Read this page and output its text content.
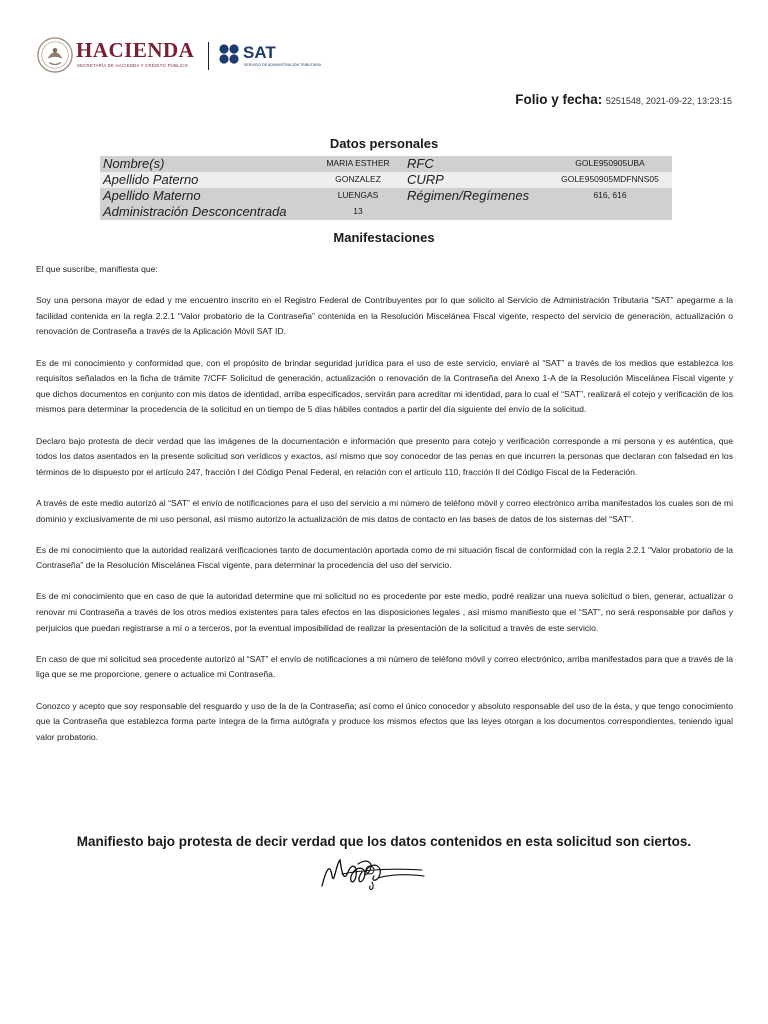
HACIENDA
SECRETARÍA DE HACIENDA Y CRÉDITO PÚBLICO
SAT
SERVICIO DE ADMINISTRACIÓN TRIBUTARIA
Folio y fecha: 5251548, 2021-09-22, 13:23:15
Datos personales
Nombre(s)	MARIA ESTHER	RFC	GOLE950905UBA
Apellido Paterno	GONZALEZ	CURP	GOLE950905MDFNNS05
Apellido Materno	LUENGAS	Régimen/Regímenes	616, 616
Administración Desconcentrada	13
Manifestaciones

El que suscribe, manifiesta que:

Soy una persona mayor de edad y me encuentro inscrito en el Registro Federal de Contribuyentes por lo que solicito al Servicio de Administración Tributaria “SAT” apegarme a la facilidad contenida en la regla 2.2.1 “Valor probatorio de la Contraseña” contenida en la Resolución Miscelánea Fiscal vigente, respecto del servicio de generación, actualización o renovación de Contraseña a través de la Aplicación Móvil SAT ID.

Es de mi conocimiento y conformidad que, con el propósito de brindar seguridad jurídica para el uso de este servicio, enviaré al “SAT” a través de los medios que establezca los requisitos señalados en la ficha de trámite 7/CFF Solicitud de generación, actualización o renovación de la Contraseña del Anexo 1-A de la Resolución Miscelánea Fiscal vigente y que dichos documentos en conjunto con mis datos de identidad, arriba especificados, servirán para acreditar mi identidad, para lo cual el “SAT”, realizará el cotejo y verificación de los mismos para determinar la procedencia de la solicitud en un tiempo de 5 días hábiles contados a partir del día siguiente del envío de la solicitud.

Declaro bajo protesta de decir verdad que las imágenes de la documentación e información que presento para cotejo y verificación corresponde a mi persona y es auténtica, que todos los datos asentados en la presente solicitud son verídicos y exactos, así mismo que soy conocedor de las penas en que incurren la personas que declaran con falsedad en los términos de lo dispuesto por el artículo 247, fracción I del Código Penal Federal, en relación con el artículo 110, fracción II del Código Fiscal de la Federación.

A través de este medio autorizó al “SAT” el envío de notificaciones para el uso del servicio a mi número de teléfono móvil y correo electrónico arriba manifestados los cuales son de mi dominio y exclusivamente de mi uso personal, así mismo autorizo la actualización de mis datos de contacto en las bases de datos de los sistemas del “SAT”.

Es de mi conocimiento que la autoridad realizará verificaciones tanto de documentación aportada como de mi situación fiscal de conformidad con la regla 2.2.1 “Valor probatorio de la Contraseña” de la Resolución Miscelánea Fiscal vigente, para determinar la procedencia del uso del servicio.

Es de mi conocimiento que en caso de que la autoridad determine que mi solicitud no es procedente por este medio, podré realizar una nueva solicitud o bien, generar, actualizar o renovar mi Contraseña a través de los otros medios existentes para tales efectos en las disposiciones legales , así mismo manifiesto que el “SAT”, no será responsable por daños y perjuicios que puedan registrarse a mí o a terceros, por la eventual imposibilidad de realizar la presentación de la solicitud a través de este servicio.

En caso de que mi solicitud sea procedente autorizó al “SAT” el envío de notificaciones a mi número de teléfono móvil y correo electrónico, arriba manifestados para que a través de la liga que se me proporcione, genere o actualice mi Contraseña.

Conozco y acepto que soy responsable del resguardo y uso de la de la Contraseña; así como el único conocedor y absoluto responsable del uso de la ésta, y que tengo conocimiento que la Contraseña que establezca forma parte íntegra de la firma autógrafa y produce los mismos efectos que las leyes otorgan a los documentos correspondientes, teniendo igual valor probatorio.

Manifiesto bajo protesta de decir verdad que los datos contenidos en esta solicitud son ciertos.
